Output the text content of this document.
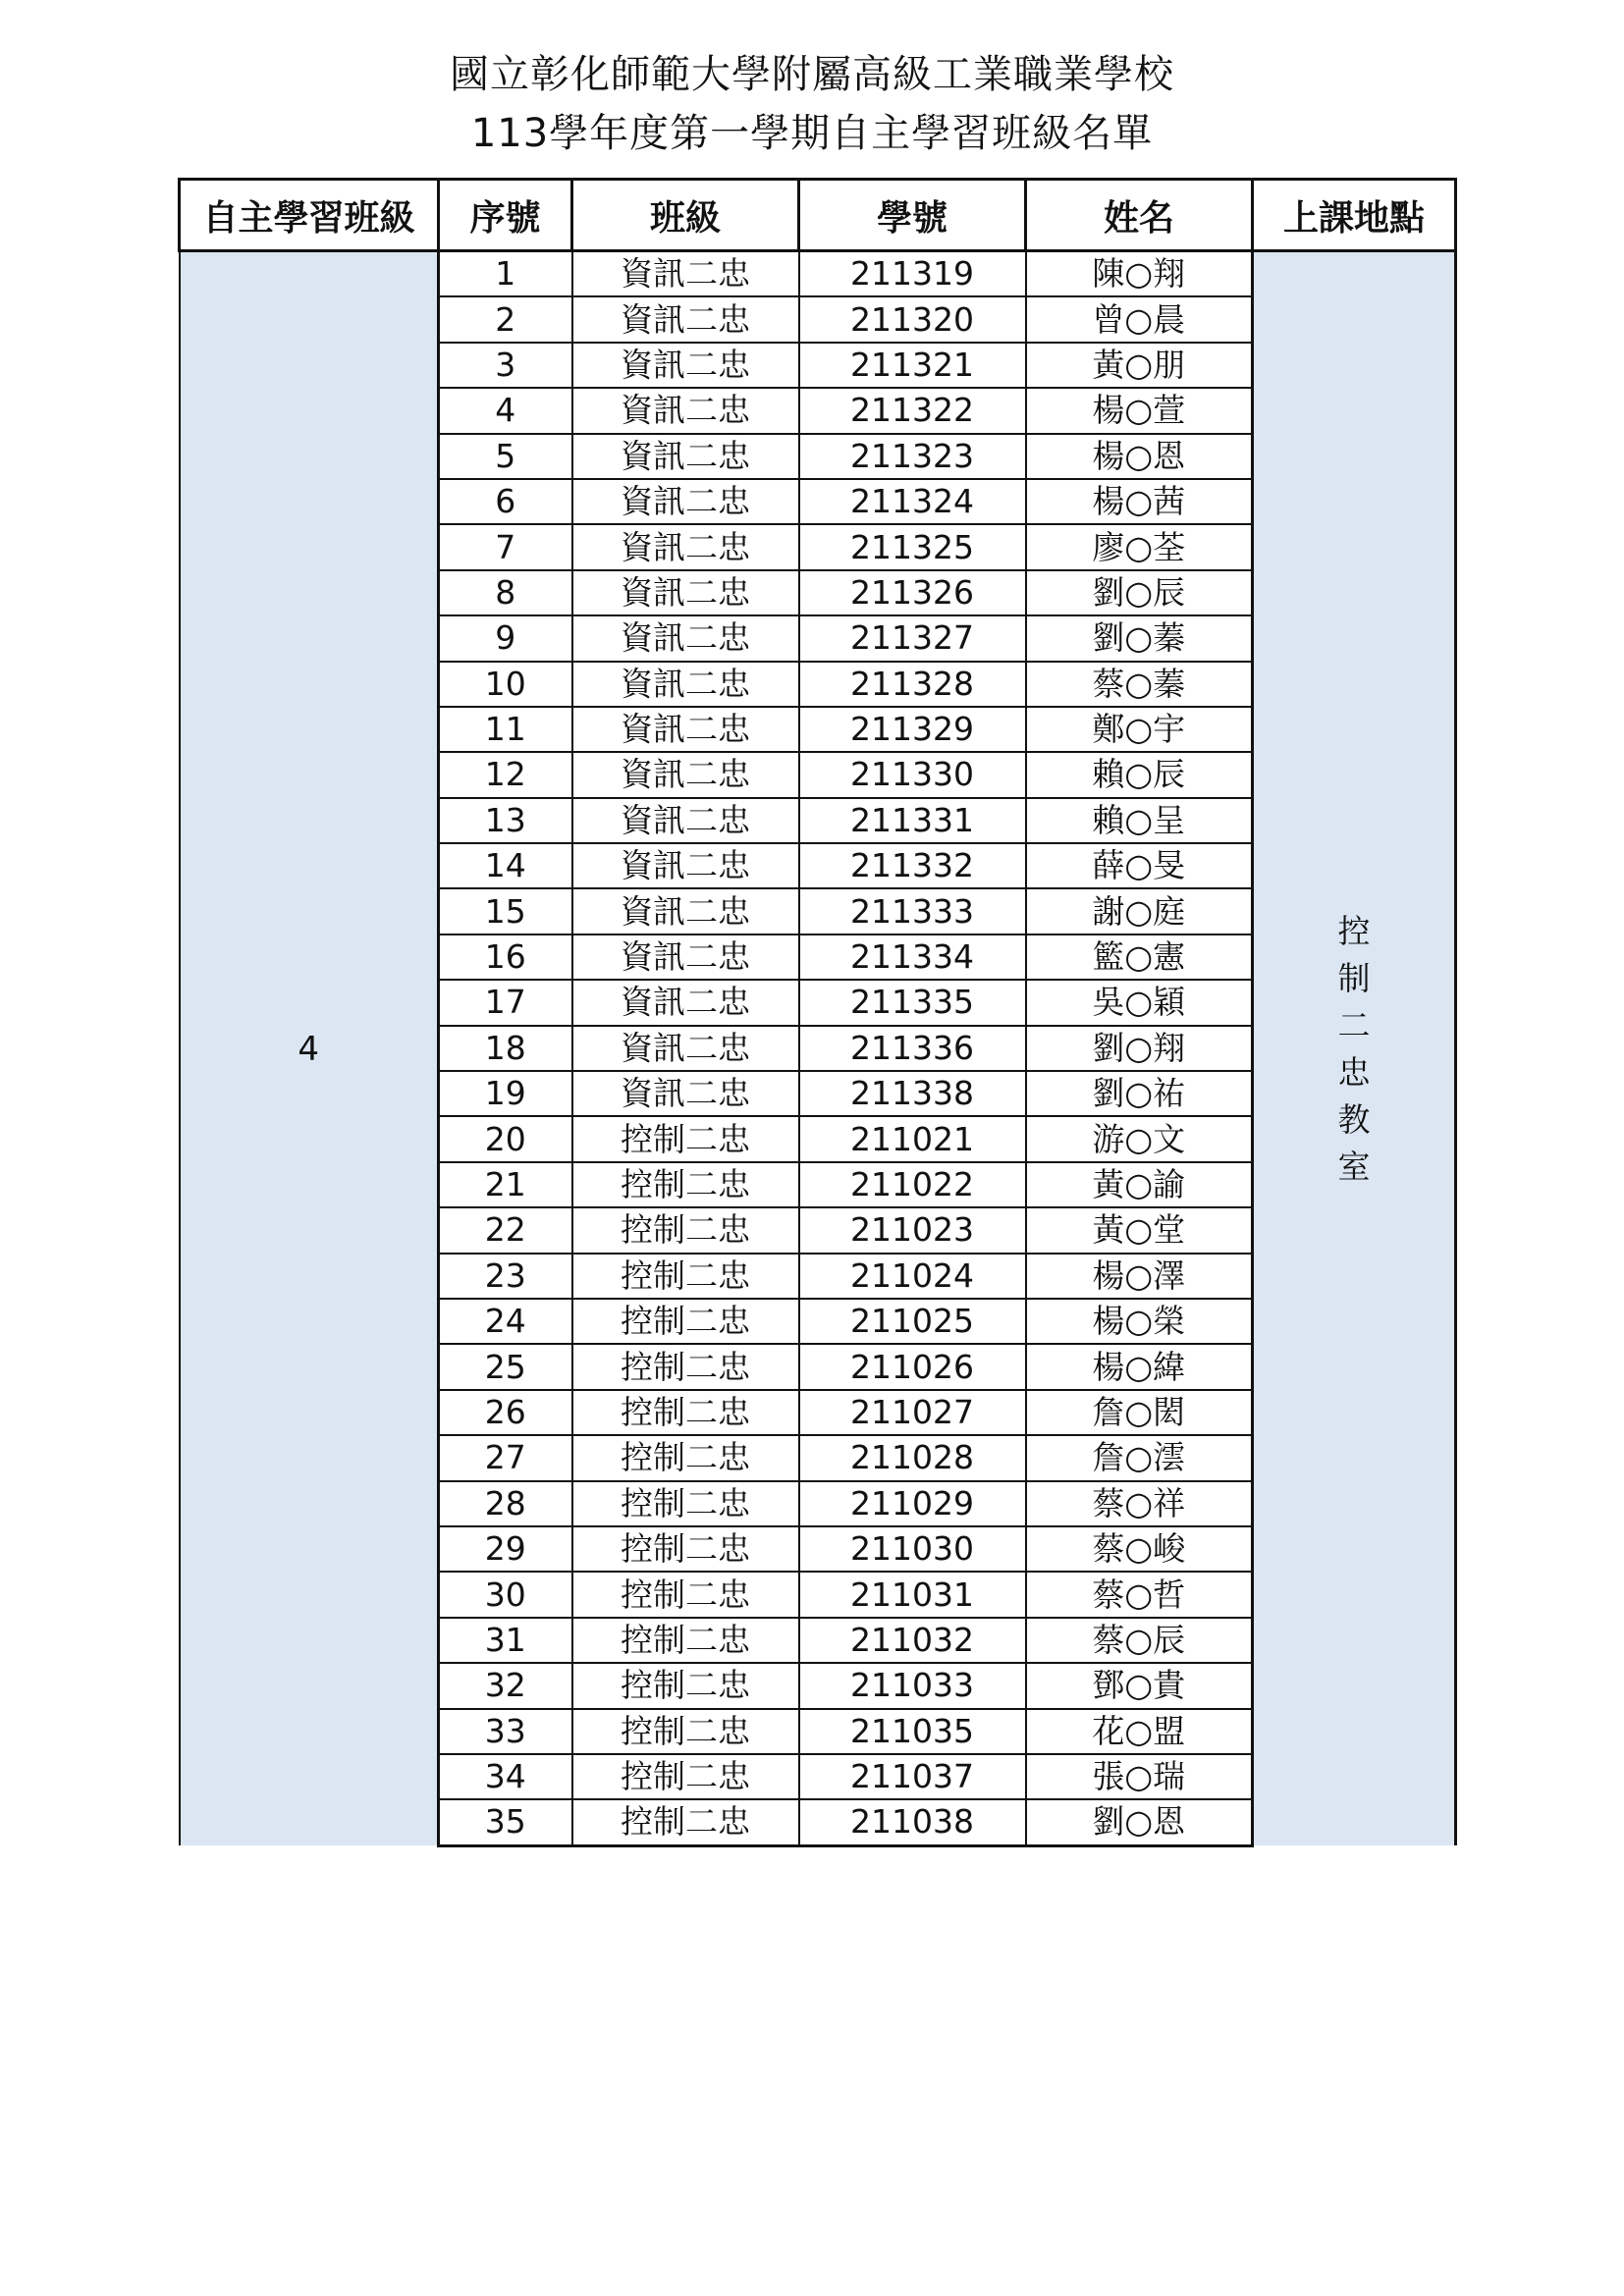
國立彰化師範大學附屬高級工業職業學校
113學年度第一學期自主學習班級名單
自主學習班級	序號	班級	學號	姓名	上課地點
4	1	資訊二忠	211319	陳○翔	控制二忠教室
	2	資訊二忠	211320	曾○晨	
	3	資訊二忠	211321	黃○朋	
	4	資訊二忠	211322	楊○萱	
	5	資訊二忠	211323	楊○恩	
	6	資訊二忠	211324	楊○茜	
	7	資訊二忠	211325	廖○荃	
	8	資訊二忠	211326	劉○辰	
	9	資訊二忠	211327	劉○蓁	
	10	資訊二忠	211328	蔡○蓁	
	11	資訊二忠	211329	鄭○宇	
	12	資訊二忠	211330	賴○辰	
	13	資訊二忠	211331	賴○呈	
	14	資訊二忠	211332	薛○旻	
	15	資訊二忠	211333	謝○庭	
	16	資訊二忠	211334	籃○憲	
	17	資訊二忠	211335	吳○穎	
	18	資訊二忠	211336	劉○翔	
	19	資訊二忠	211338	劉○祐	
	20	控制二忠	211021	游○文	
	21	控制二忠	211022	黃○諭	
	22	控制二忠	211023	黃○堂	
	23	控制二忠	211024	楊○澤	
	24	控制二忠	211025	楊○榮	
	25	控制二忠	211026	楊○緯	
	26	控制二忠	211027	詹○閎	
	27	控制二忠	211028	詹○澐	
	28	控制二忠	211029	蔡○祥	
	29	控制二忠	211030	蔡○峻	
	30	控制二忠	211031	蔡○哲	
	31	控制二忠	211032	蔡○辰	
	32	控制二忠	211033	鄧○貴	
	33	控制二忠	211035	花○盟	
	34	控制二忠	211037	張○瑞	
	35	控制二忠	211038	劉○恩	
